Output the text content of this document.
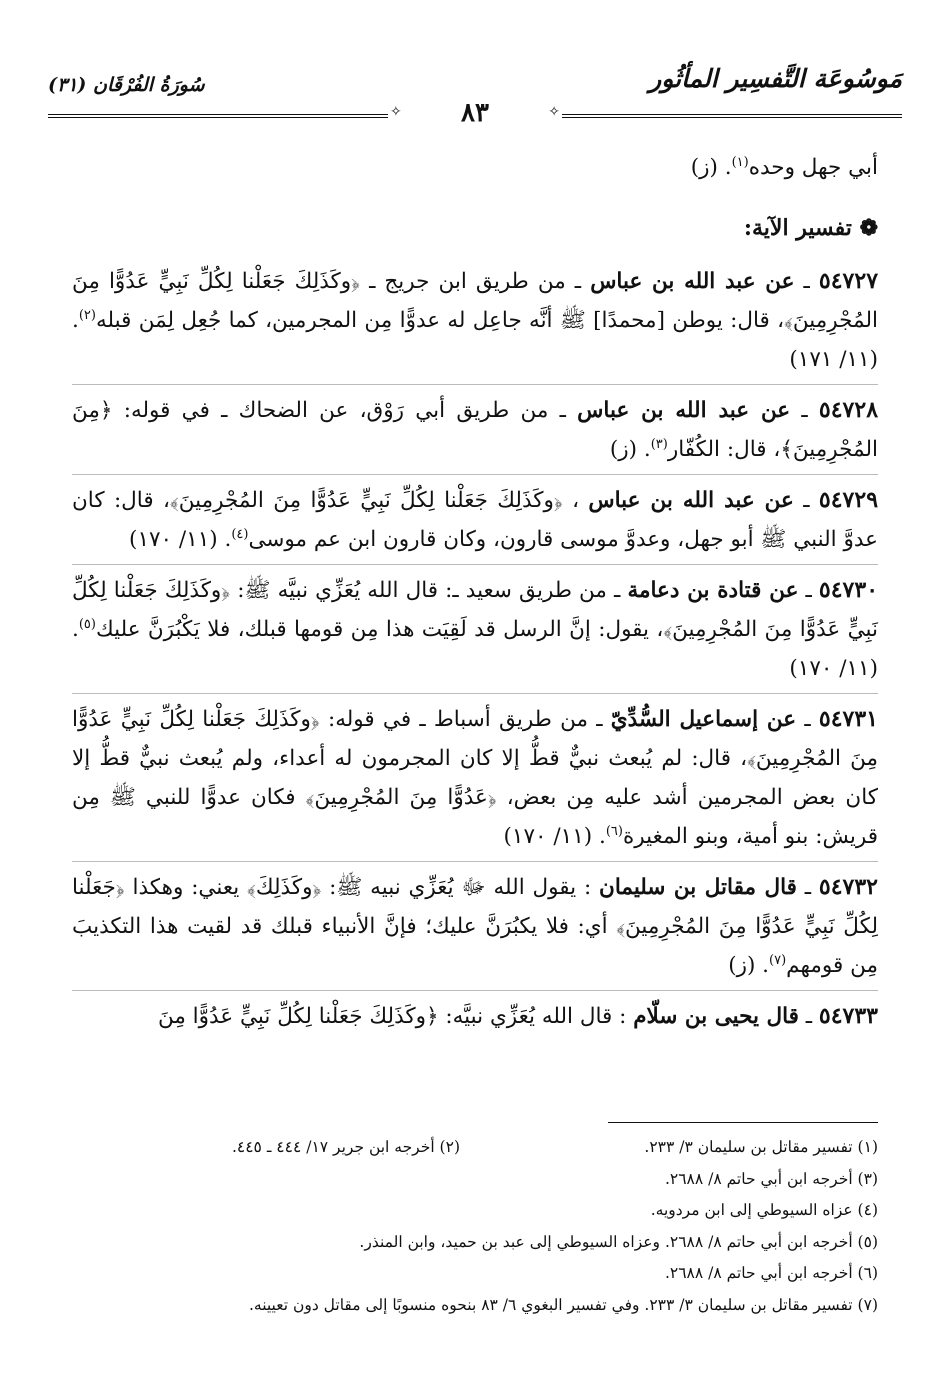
مَوسُوعَة التَّفسِير المأثُور
سُورَةُ الفُرْقَان (٣١)
✧
✧	٨٣

أبي جهل وحده$^{(١)}$. (ز)

❁ تفسير الآية:

٥٤٧٢٧ ـ عن عبد الله بن عباس ـ من طريق ابن جريج ـ ﴿وكَذَلِكَ جَعَلْنا لِكُلِّ نَبِيٍّ عَدُوًّا مِنَ المُجْرِمِينَ﴾، قال: يوطن [محمدًا] ﷺ أنَّه جاعِل له عدوًّا مِن المجرمين، كما جُعِل لِمَن قبله$^{(٢)}$. (١١/ ١٧١)

٥٤٧٢٨ ـ عن عبد الله بن عباس ـ من طريق أبي رَوْق، عن الضحاك ـ في قوله: ﴿مِنَ المُجْرِمِينَ﴾، قال: الكُفّار$^{(٣)}$. (ز)

٥٤٧٢٩ ـ عن عبد الله بن عباس ، ﴿وكَذَلِكَ جَعَلْنا لِكُلِّ نَبِيٍّ عَدُوًّا مِنَ المُجْرِمِينَ﴾، قال: كان عدوَّ النبي ﷺ أبو جهل، وعدوَّ موسى قارون، وكان قارون ابن عم موسى$^{(٤)}$. (١١/ ١٧٠)

٥٤٧٣٠ ـ عن قتادة بن دعامة ـ من طريق سعيد ـ: قال الله يُعَزِّي نبيَّه ﷺ: ﴿وكَذَلِكَ جَعَلْنا لِكُلِّ نَبِيٍّ عَدُوًّا مِنَ المُجْرِمِينَ﴾، يقول: إنَّ الرسل قد لَقِيَت هذا مِن قومها قبلك، فلا يَكْبُرَنَّ عليك$^{(٥)}$. (١١/ ١٧٠)

٥٤٧٣١ ـ عن إسماعيل السُّدِّيّ ـ من طريق أسباط ـ في قوله: ﴿وكَذَلِكَ جَعَلْنا لِكُلِّ نَبِيٍّ عَدُوًّا مِنَ المُجْرِمِينَ﴾، قال: لم يُبعث نبيٌّ قطُّ إلا كان المجرمون له أعداء، ولم يُبعث نبيٌّ قطُّ إلا كان بعض المجرمين أشد عليه مِن بعض، ﴿عَدُوًّا مِنَ المُجْرِمِينَ﴾ فكان عدوًّا للنبي ﷺ مِن قريش: بنو أمية، وبنو المغيرة$^{(٦)}$. (١١/ ١٧٠)

٥٤٧٣٢ ـ قال مقاتل بن سليمان : يقول الله ﷻ يُعَزِّي نبيه ﷺ: ﴿وكَذَلِكَ﴾ يعني: وهكذا ﴿جَعَلْنا لِكُلِّ نَبِيٍّ عَدُوًّا مِنَ المُجْرِمِينَ﴾ أي: فلا يكبُرَنَّ عليك؛ فإنَّ الأنبياء قبلك قد لقيت هذا التكذيبَ مِن قومهم$^{(٧)}$. (ز)

٥٤٧٣٣ ـ قال يحيى بن سلّام : قال الله يُعَزِّي نبيَّه: ﴿وكَذَلِكَ جَعَلْنا لِكُلِّ نَبِيٍّ عَدُوًّا مِنَ

(١) تفسير مقاتل بن سليمان ٣/ ٢٣٣.
(٢) أخرجه ابن جرير ١٧/ ٤٤٤ ـ ٤٤٥.
(٣) أخرجه ابن أبي حاتم ٨/ ٢٦٨٨.
(٤) عزاه السيوطي إلى ابن مردويه.
(٥) أخرجه ابن أبي حاتم ٨/ ٢٦٨٨. وعزاه السيوطي إلى عبد بن حميد، وابن المنذر.
(٦) أخرجه ابن أبي حاتم ٨/ ٢٦٨٨.
(٧) تفسير مقاتل بن سليمان ٣/ ٢٣٣. وفي تفسير البغوي ٦/ ٨٣ بنحوه منسوبًا إلى مقاتل دون تعيينه.
